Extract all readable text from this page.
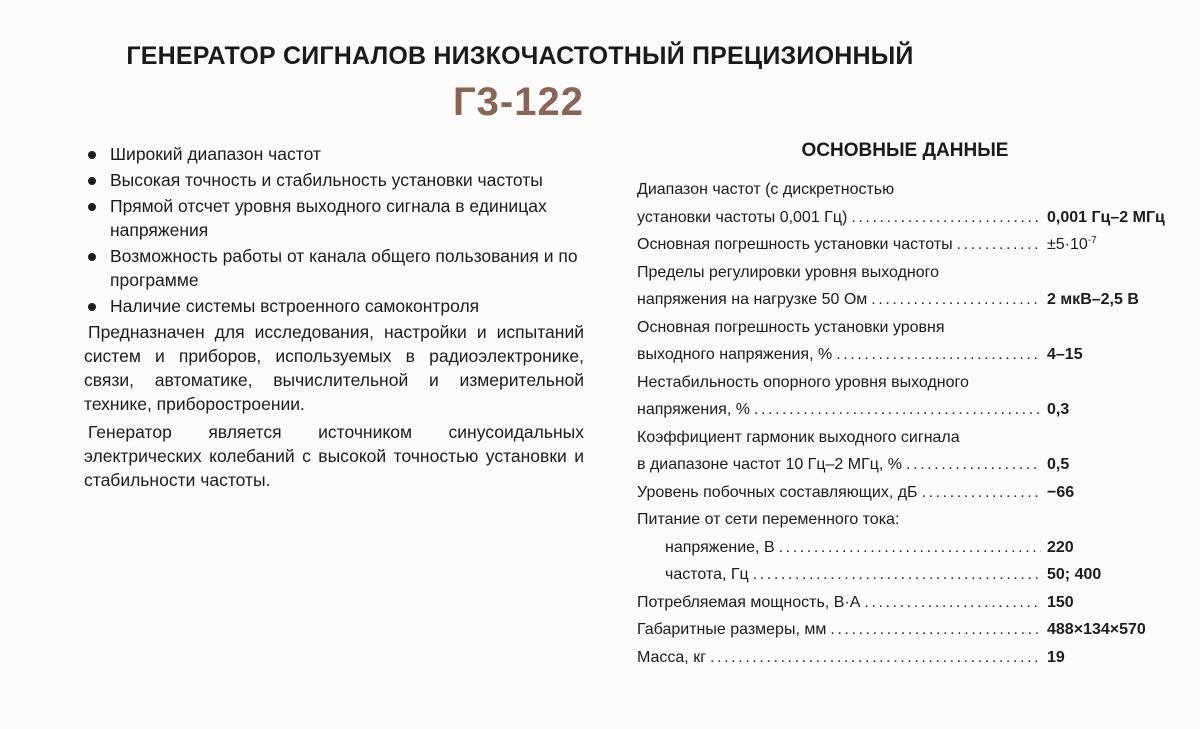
ГЕНЕРАТОР СИГНАЛОВ НИЗКОЧАСТОТНЫЙ ПРЕЦИЗИОННЫЙ
Г3-122
Широкий диапазон частот
Высокая точность и стабильность установки частоты
Прямой отсчет уровня выходного сигнала в единицах напряжения
Возможность работы от канала общего пользования и по программе
Наличие системы встроенного самоконтроля

Предназначен для исследования, настройки и испытаний систем и приборов, используемых в радиоэлектронике, связи, автоматике, вычислительной и измерительной технике, приборостроении.

Генератор является источником синусоидальных электрических колебаний с высокой точностью установки и стабильности частоты.

ОСНОВНЫЕ ДАННЫЕ
Диапазон частот (с дискретностью
установки частоты 0,001 Гц) .....	0,001 Гц–2 МГц
Основная погрешность установки частоты .....	$\pm 5\cdot 10^{-7}$
Пределы регулировки уровня выходного
напряжения на нагрузке 50 Ом .....	2 мкВ–2,5 В
Основная погрешность установки уровня
выходного напряжения, % .....	4–15
Нестабильность опорного уровня выходного
напряжения, % .....	0,3
Коэффициент гармоник выходного сигнала
в диапазоне частот 10 Гц–2 МГц, % .....	0,5
Уровень побочных составляющих, дБ .....	−66
Питание от сети переменного тока:
напряжение, В .....	220
частота, Гц .....	50; 400
Потребляемая мощность, В·А .....	150
Габаритные размеры, мм .....	488×134×570
Масса, кг .....	19
